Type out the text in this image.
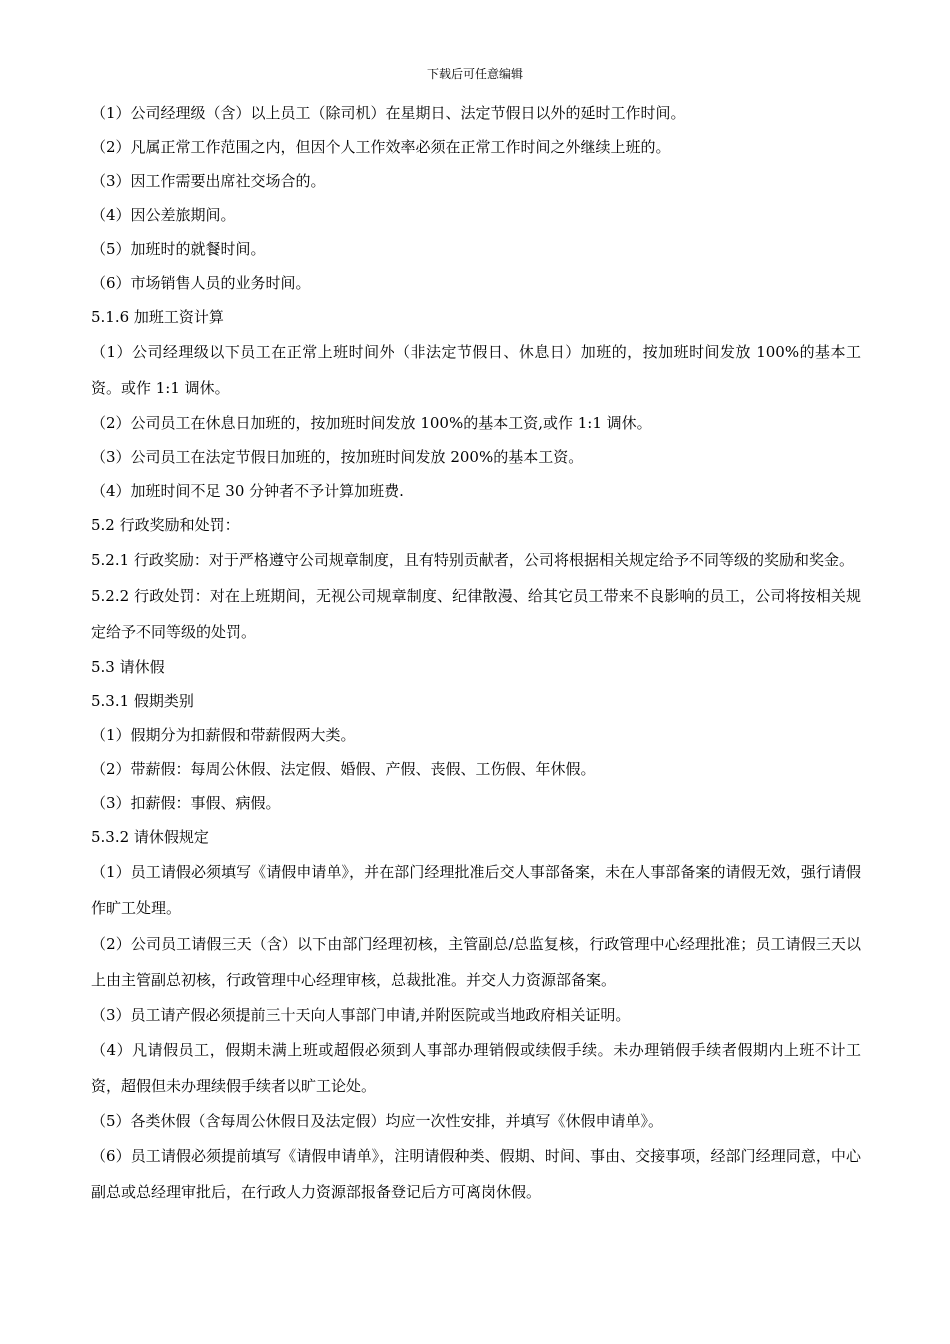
下载后可任意编辑

（1）公司经理级（含）以上员工（除司机）在星期日、法定节假日以外的延时工作时间。

（2）凡属正常工作范围之内，但因个人工作效率必须在正常工作时间之外继续上班的。

（3）因工作需要出席社交场合的。

（4）因公差旅期间。

（5）加班时的就餐时间。

（6）市场销售人员的业务时间。

5.1.6 加班工资计算

（1）公司经理级以下员工在正常上班时间外（非法定节假日、休息日）加班的，按加班时间发放 100%的基本工资。或作 1:1 调休。

（2）公司员工在休息日加班的，按加班时间发放 100%的基本工资,或作 1:1 调休。

（3）公司员工在法定节假日加班的，按加班时间发放 200%的基本工资。

（4）加班时间不足 30 分钟者不予计算加班费.

5.2 行政奖励和处罚：

5.2.1 行政奖励：对于严格遵守公司规章制度，且有特别贡献者，公司将根据相关规定给予不同等级的奖励和奖金。

5.2.2 行政处罚：对在上班期间，无视公司规章制度、纪律散漫、给其它员工带来不良影响的员工，公司将按相关规定给予不同等级的处罚。

5.3 请休假

5.3.1 假期类别

（1）假期分为扣薪假和带薪假两大类。

（2）带薪假：每周公休假、法定假、婚假、产假、丧假、工伤假、年休假。

（3）扣薪假：事假、病假。

5.3.2 请休假规定

（1）员工请假必须填写《请假申请单》，并在部门经理批准后交人事部备案，未在人事部备案的请假无效，强行请假作旷工处理。

（2）公司员工请假三天（含）以下由部门经理初核，主管副总/总监复核，行政管理中心经理批准；员工请假三天以上由主管副总初核，行政管理中心经理审核，总裁批准。并交人力资源部备案。

（3）员工请产假必须提前三十天向人事部门申请,并附医院或当地政府相关证明。

（4）凡请假员工，假期未满上班或超假必须到人事部办理销假或续假手续。未办理销假手续者假期内上班不计工资，超假但未办理续假手续者以旷工论处。

（5）各类休假（含每周公休假日及法定假）均应一次性安排，并填写《休假申请单》。

（6）员工请假必须提前填写《请假申请单》，注明请假种类、假期、时间、事由、交接事项，经部门经理同意，中心副总或总经理审批后，在行政人力资源部报备登记后方可离岗休假。
